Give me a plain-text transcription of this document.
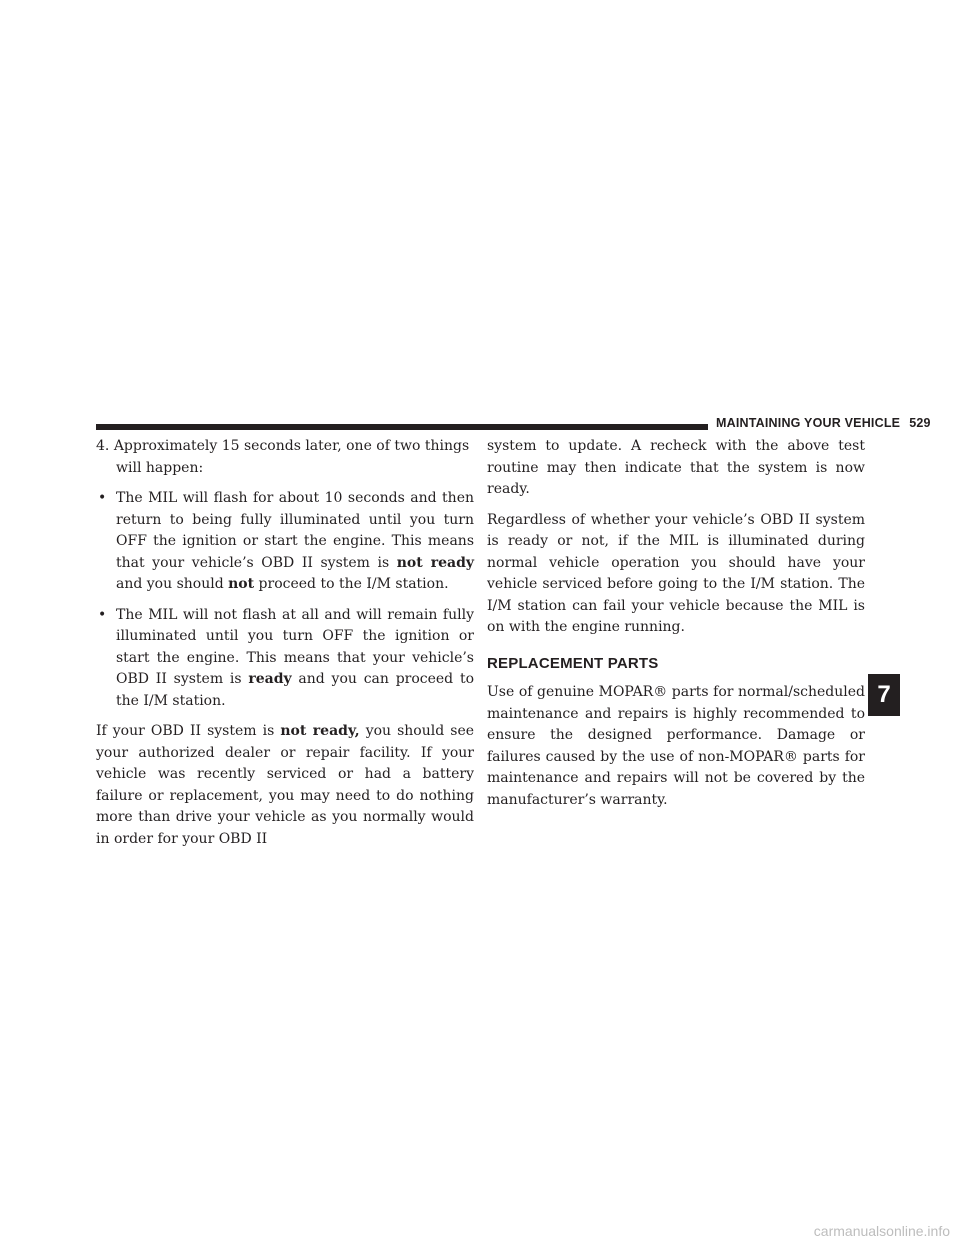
MAINTAINING YOUR VEHICLE 529
4. Approximately 15 seconds later, one of two things will happen:
• The MIL will flash for about 10 seconds and then return to being fully illuminated until you turn OFF the ignition or start the engine. This means that your vehicle’s OBD II system is not ready and you should not proceed to the I/M station.
• The MIL will not flash at all and will remain fully illuminated until you turn OFF the ignition or start the engine. This means that your vehicle’s OBD II system is ready and you can proceed to the I/M station.

If your OBD II system is not ready, you should see your authorized dealer or repair facility. If your vehicle was recently serviced or had a battery failure or replacement, you may need to do nothing more than drive your vehicle as you normally would in order for your OBD II

system to update. A recheck with the above test routine may then indicate that the system is now ready.

Regardless of whether your vehicle’s OBD II system is ready or not, if the MIL is illuminated during normal vehicle operation you should have your vehicle serviced before going to the I/M station. The I/M station can fail your vehicle because the MIL is on with the engine running.

REPLACEMENT PARTS

Use of genuine MOPAR® parts for normal/scheduled maintenance and repairs is highly recommended to ensure the designed performance. Damage or failures caused by the use of non-MOPAR® parts for maintenance and repairs will not be covered by the manufacturer’s warranty.

7
carmanualsonline.info
